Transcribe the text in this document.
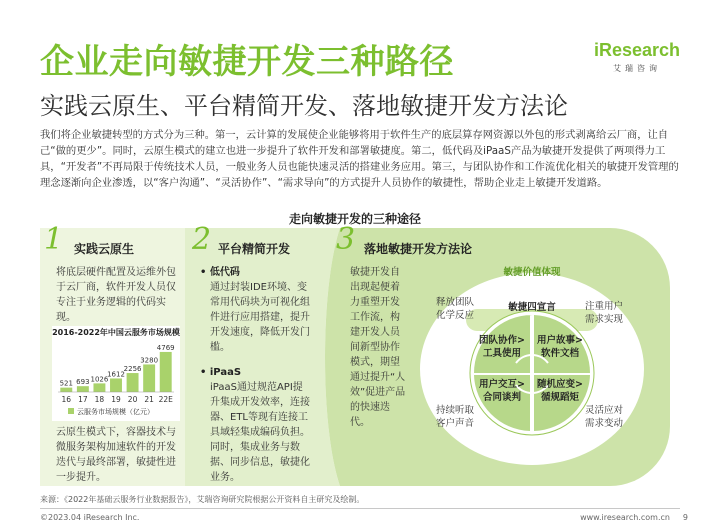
企业走向敏捷开发三种路径
实践云原生、平台精简开发、落地敏捷开发方法论
iResearch
艾瑞咨询
我们将企业敏捷转型的方式分为三种。第一，云计算的发展使企业能够将用于软件生产的底层算存网资源以外包的形式剥离给云厂商，让自己“做的更少”。同时，云原生模式的建立也进一步提升了软件开发和部署敏捷度。第二，低代码及iPaaS产品为敏捷开发提供了两项得力工具，“开发者”不再局限于传统技术人员，一般业务人员也能快速灵活的搭建业务应用。第三，与团队协作和工作流优化相关的敏捷开发管理的理念逐渐向企业渗透，以“客户沟通”、“灵活协作”、“需求导向”的方式提升人员协作的敏捷性，帮助企业走上敏捷开发道路。
走向敏捷开发的三种途径
1 实践云原生
将底层硬件配置及运维外包于云厂商，软件开发人员仅专注于业务逻辑的代码实现。
2016-2022年中国云服务市场规模
521
16
693
17
1026
18
1612
19
2256
20
3280
21
4769
22E
云服务市场规模（亿元）
云原生模式下，容器技术与微服务架构加速软件的开发迭代与最终部署，敏捷性进一步提升。
2 平台精简开发
• 低代码
通过封装IDE环境、变常用代码块为可视化组件进行应用搭建，提升开发速度，降低开发门槛。
• iPaaS
iPaaS通过规范API提升集成开发效率，连接器、ETL等现有连接工具域轻集成编码负担。同时，集成业务与数据、同步信息，敏捷化业务。
3 落地敏捷开发方法论
敏捷开发自出现起便着力重塑开发工作流，构建开发人员间新型协作模式，期望通过提升“人效”促进产品的快速迭代。
敏捷价值体现
敏捷四宣言
团队协作>工具使用
用户故事>软件文档
用户交互>合同谈判
随机应变>循规蹈矩
释放团队化学反应
注重用户需求实现
持续听取客户声音
灵活应对需求变动
来源：《2022年基础云服务行业数据报告》，艾瑞咨询研究院根据公开资料自主研究及绘制。
©2023.04 iResearch Inc.	www.iresearch.com.cn 9
